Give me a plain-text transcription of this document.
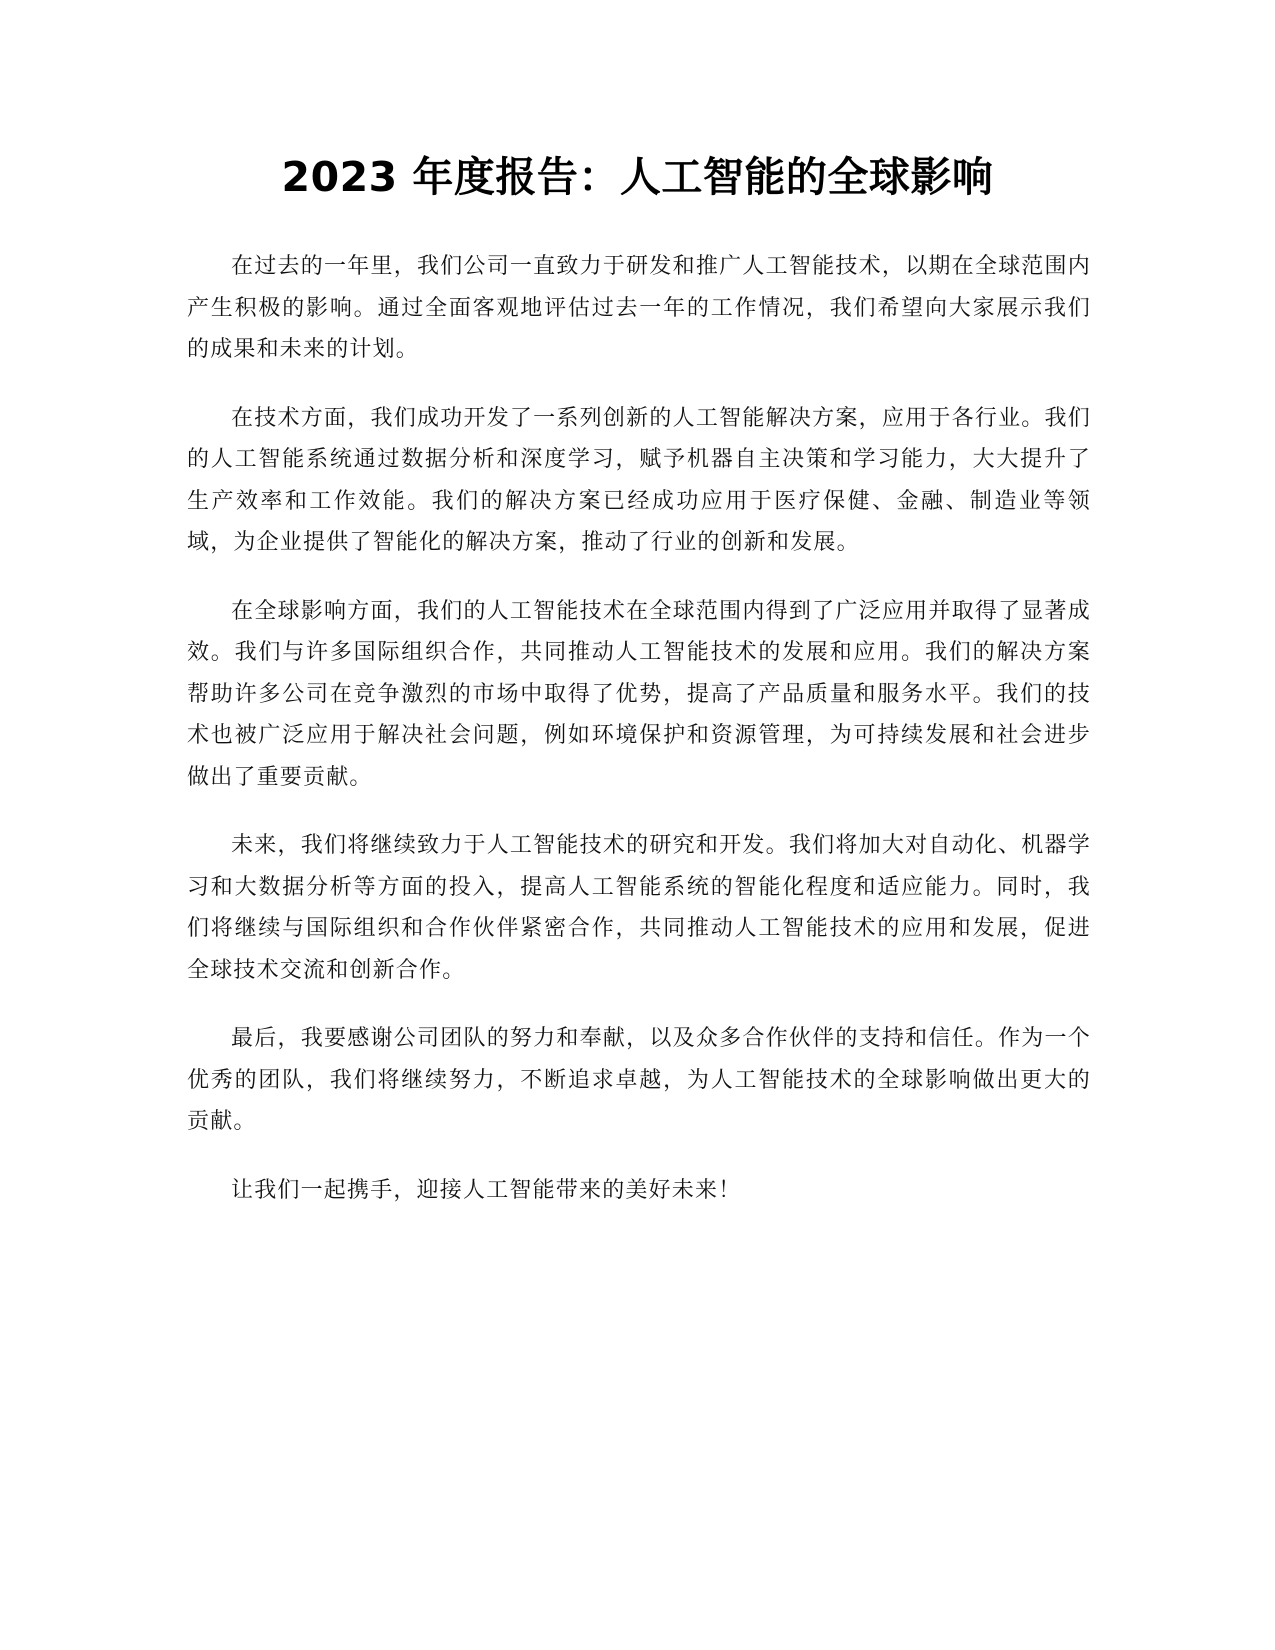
2023 年度报告：人工智能的全球影响

在过去的一年里，我们公司一直致力于研发和推广人工智能技术，以期在全球范围内产生积极的影响。通过全面客观地评估过去一年的工作情况，我们希望向大家展示我们的成果和未来的计划。

在技术方面，我们成功开发了一系列创新的人工智能解决方案，应用于各行业。我们的人工智能系统通过数据分析和深度学习，赋予机器自主决策和学习能力，大大提升了生产效率和工作效能。我们的解决方案已经成功应用于医疗保健、金融、制造业等领域，为企业提供了智能化的解决方案，推动了行业的创新和发展。

在全球影响方面，我们的人工智能技术在全球范围内得到了广泛应用并取得了显著成效。我们与许多国际组织合作，共同推动人工智能技术的发展和应用。我们的解决方案帮助许多公司在竞争激烈的市场中取得了优势，提高了产品质量和服务水平。我们的技术也被广泛应用于解决社会问题，例如环境保护和资源管理，为可持续发展和社会进步做出了重要贡献。

未来，我们将继续致力于人工智能技术的研究和开发。我们将加大对自动化、机器学习和大数据分析等方面的投入，提高人工智能系统的智能化程度和适应能力。同时，我们将继续与国际组织和合作伙伴紧密合作，共同推动人工智能技术的应用和发展，促进全球技术交流和创新合作。

最后，我要感谢公司团队的努力和奉献，以及众多合作伙伴的支持和信任。作为一个优秀的团队，我们将继续努力，不断追求卓越，为人工智能技术的全球影响做出更大的贡献。

让我们一起携手，迎接人工智能带来的美好未来！
